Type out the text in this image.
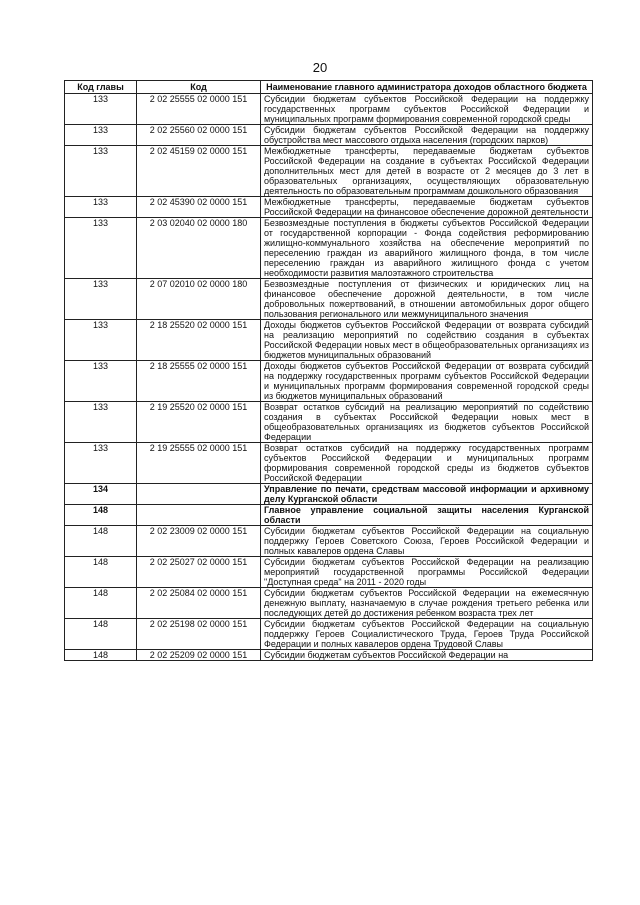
20
Код главы	Код	Наименование главного администратора доходов областного бюджета
133	2 02 25555 02 0000 151	Субсидии бюджетам субъектов Российской Федерации на поддержку государственных программ субъектов Российской Федерации и муниципальных программ формирования современной городской среды
133	2 02 25560 02 0000 151	Субсидии бюджетам субъектов Российской Федерации на поддержку обустройства мест массового отдыха населения (городских парков)
133	2 02 45159 02 0000 151	Межбюджетные трансферты, передаваемые бюджетам субъектов Российской Федерации на создание в субъектах Российской Федерации дополнительных мест для детей в возрасте от 2 месяцев до 3 лет в образовательных организациях, осуществляющих образовательную деятельность по образовательным программам дошкольного образования
133	2 02 45390 02 0000 151	Межбюджетные трансферты, передаваемые бюджетам субъектов Российской Федерации на финансовое обеспечение дорожной деятельности
133	2 03 02040 02 0000 180	Безвозмездные поступления в бюджеты субъектов Российской Федерации от государственной корпорации - Фонда содействия реформированию жилищно-коммунального хозяйства на обеспечение мероприятий по переселению граждан из аварийного жилищного фонда, в том числе переселению граждан из аварийного жилищного фонда с учетом необходимости развития малоэтажного строительства
133	2 07 02010 02 0000 180	Безвозмездные поступления от физических и юридических лиц на финансовое обеспечение дорожной деятельности, в том числе добровольных пожертвований, в отношении автомобильных дорог общего пользования регионального или межмуниципального значения
133	2 18 25520 02 0000 151	Доходы бюджетов субъектов Российской Федерации от возврата субсидий на реализацию мероприятий по содействию создания в субъектах Российской Федерации новых мест в общеобразовательных организациях из бюджетов муниципальных образований
133	2 18 25555 02 0000 151	Доходы бюджетов субъектов Российской Федерации от возврата субсидий на поддержку государственных программ субъектов Российской Федерации и муниципальных программ формирования современной городской среды из бюджетов муниципальных образований
133	2 19 25520 02 0000 151	Возврат остатков субсидий на реализацию мероприятий по содействию создания в субъектах Российской Федерации новых мест в общеобразовательных организациях из бюджетов субъектов Российской Федерации
133	2 19 25555 02 0000 151	Возврат остатков субсидий на поддержку государственных программ субъектов Российской Федерации и муниципальных программ формирования современной городской среды из бюджетов субъектов Российской Федерации
134		Управление по печати, средствам массовой информации и архивному делу Курганской области
148		Главное управление социальной защиты населения Курганской области
148	2 02 23009 02 0000 151	Субсидии бюджетам субъектов Российской Федерации на социальную поддержку Героев Советского Союза, Героев Российской Федерации и полных кавалеров ордена Славы
148	2 02 25027 02 0000 151	Субсидии бюджетам субъектов Российской Федерации на реализацию мероприятий государственной программы Российской Федерации "Доступная среда" на 2011 - 2020 годы
148	2 02 25084 02 0000 151	Субсидии бюджетам субъектов Российской Федерации на ежемесячную денежную выплату, назначаемую в случае рождения третьего ребенка или последующих детей до достижения ребенком возраста трех лет
148	2 02 25198 02 0000 151	Субсидии бюджетам субъектов Российской Федерации на социальную поддержку Героев Социалистического Труда, Героев Труда Российской Федерации и полных кавалеров ордена Трудовой Славы
148	2 02 25209 02 0000 151	Субсидии бюджетам субъектов Российской Федерации на
